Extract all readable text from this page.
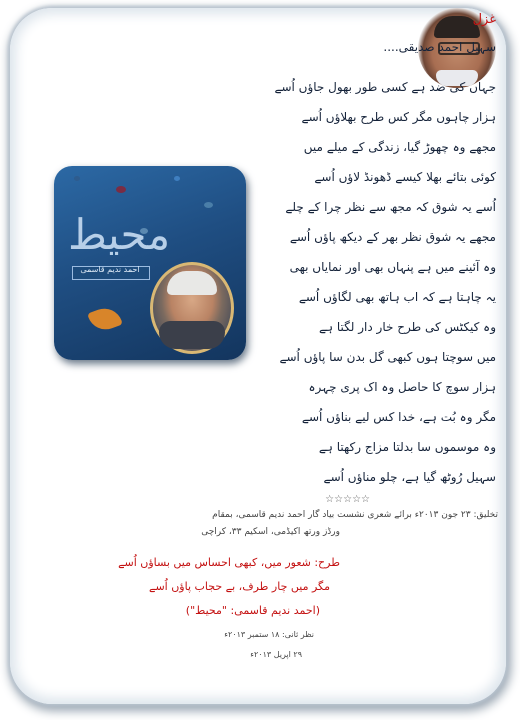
محیط
احمد ندیم قاسمی
غزل
سہیل احمد صدیقی....
جہاں کی ضد ہے کسی طور بھول جاؤں اُسے
ہزار چاہوں مگر کس طرح بھلاؤں اُسے
مجھے وہ چھوڑ گیا، زندگی کے میلے میں
کوئی بتائے بھلا کیسے ڈھونڈ لاؤں اُسے
اُسے یہ شوق کہ مجھ سے نظر چرا کے چلے
مجھے یہ شوق نظر بھر کے دیکھ پاؤں اُسے
وہ آئینے میں ہے پنہاں بھی اور نمایاں بھی
یہ چاہتا ہے کہ اب ہاتھ بھی لگاؤں اُسے
وہ کیکٹس کی طرح خار دار لگتا ہے
میں سوچتا ہوں کبھی گل بدن سا پاؤں اُسے
ہزار سوچ کا حاصل وہ اک پری چہرہ
مگر وہ بُت ہے، خدا کس لیے بناؤں اُسے
وہ موسموں سا بدلتا مزاج رکھتا ہے
سہیل رُوٹھ گیا ہے، چلو مناؤں اُسے
☆☆☆☆☆
تخلیق: ۲۳ جون ۲۰۱۳ء برائے شعری نشست بیاد گار احمد ندیم قاسمی، بمقام
ورڈز ورتھ اکیڈمی، اسکیم ۳۳، کراچی
طرح: شعور میں، کبھی احساس میں بساؤں اُسے
مگر میں چار طرف، بے حجاب پاؤں اُسے
(احمد ندیم قاسمی: "محیط")
نظر ثانی: ۱۸ ستمبر ۲۰۱۳ء
۲۹ اپریل ۲۰۱۳ء
